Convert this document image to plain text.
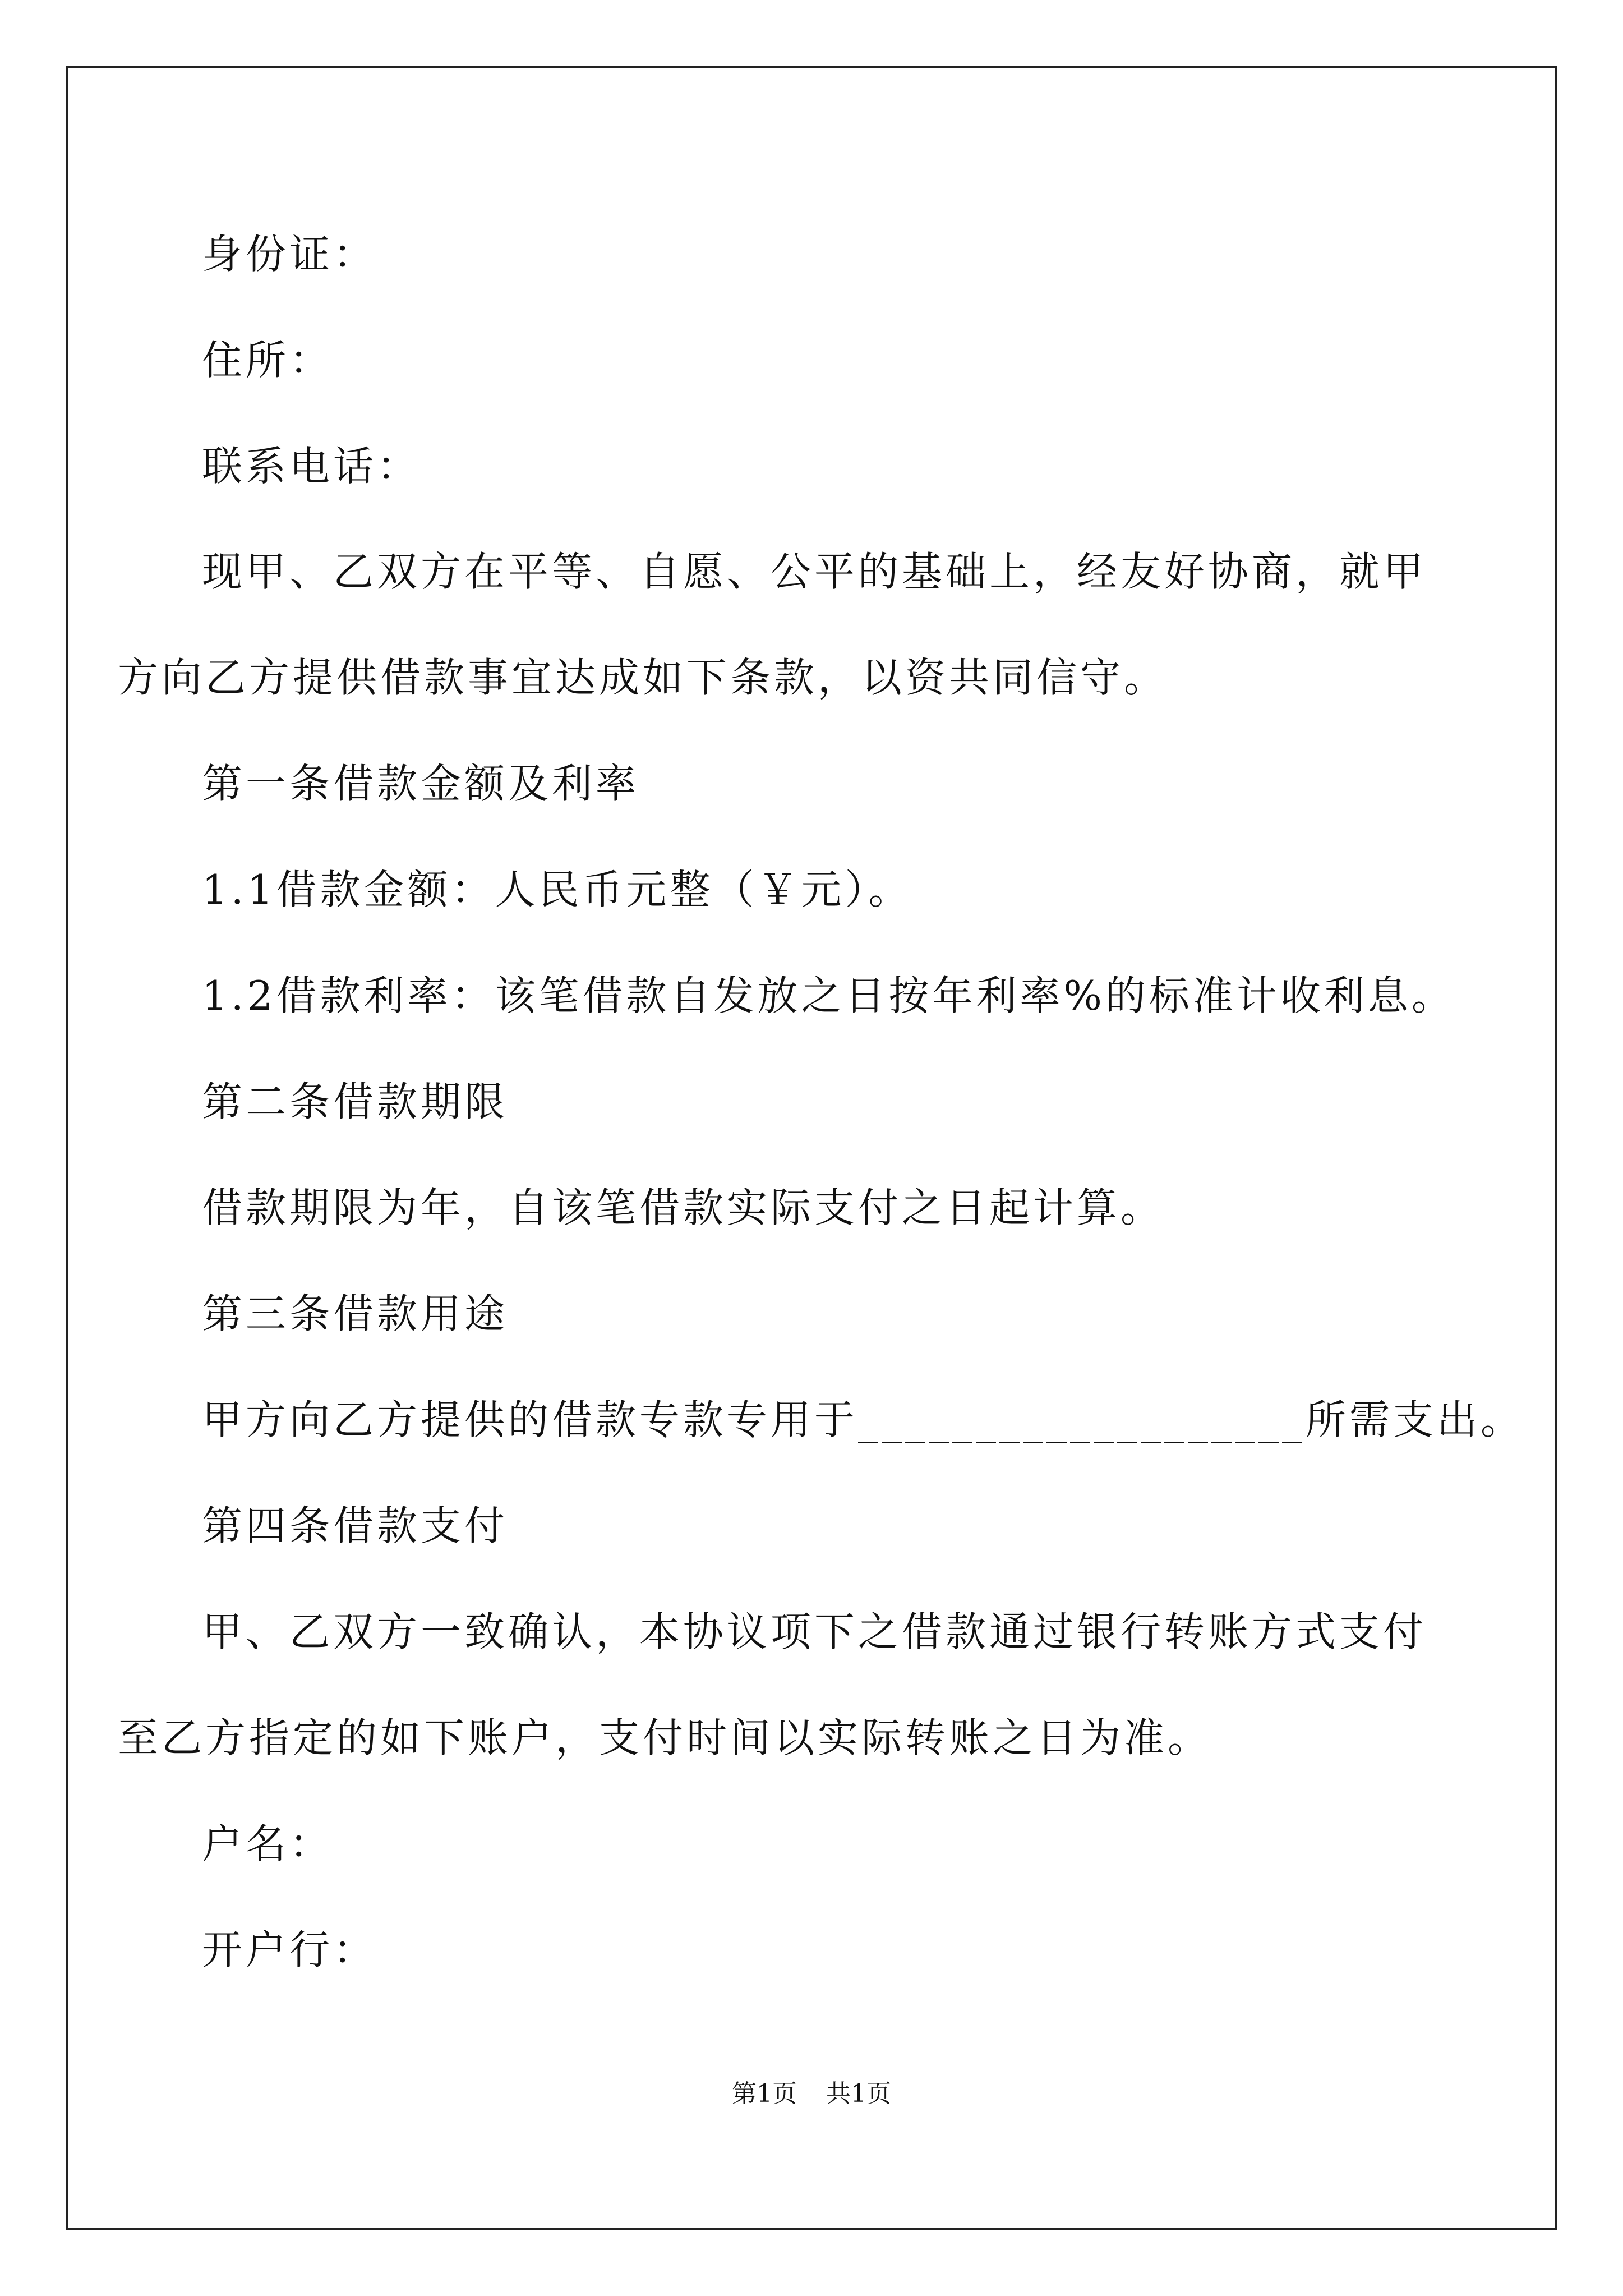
身份证：
住所：
联系电话：
现甲、乙双方在平等、自愿、公平的基础上，经友好协商，就甲
方向乙方提供借款事宜达成如下条款，以资共同信守。
第一条借款金额及利率
1.1借款金额：人民币元整（￥元）。
1.2借款利率：该笔借款自发放之日按年利率%的标准计收利息。
第二条借款期限
借款期限为年，自该笔借款实际支付之日起计算。
第三条借款用途
甲方向乙方提供的借款专款专用于___________________所需支出。
第四条借款支付
甲、乙双方一致确认，本协议项下之借款通过银行转账方式支付
至乙方指定的如下账户，支付时间以实际转账之日为准。
户名：
开户行：
第1页 共1页
